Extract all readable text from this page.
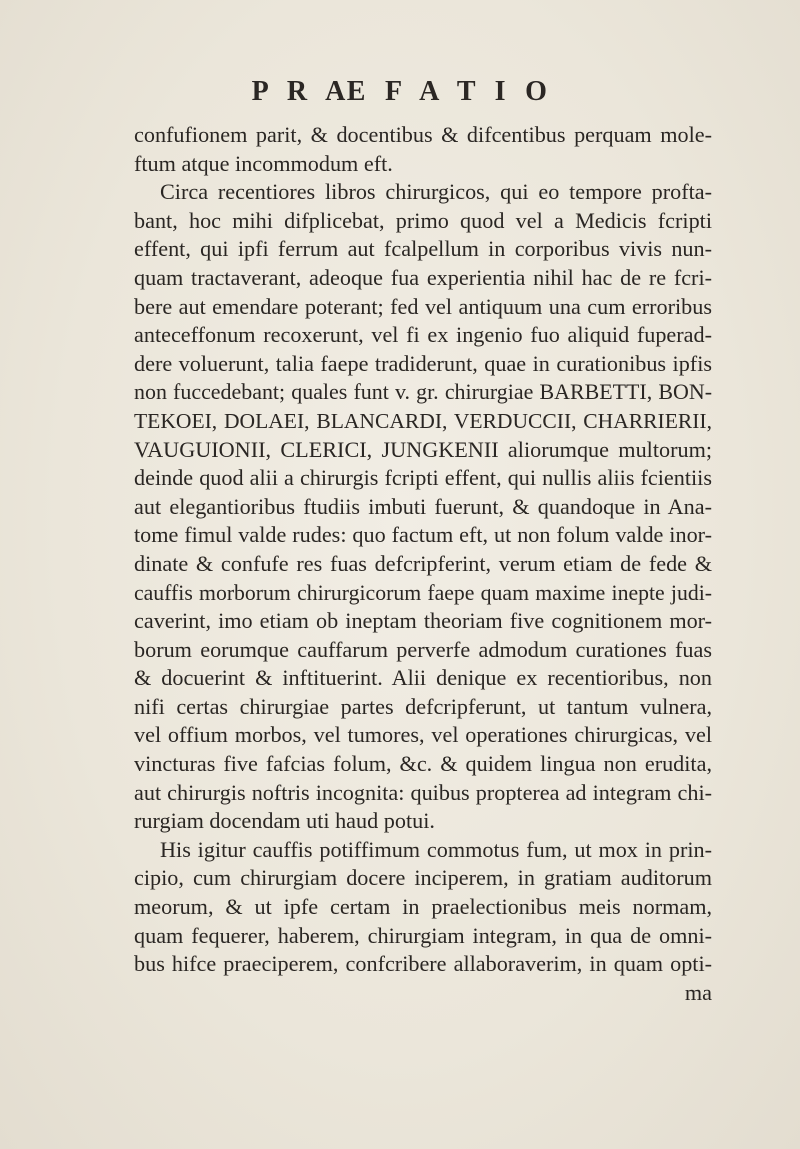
P R AE F A T I O
confufionem parit, & docentibus & difcentibus perquam mole-
ftum atque incommodum eft.
Circa recentiores libros chirurgicos, qui eo tempore profta-
bant, hoc mihi difplicebat, primo quod vel a Medicis fcripti
effent, qui ipfi ferrum aut fcalpellum in corporibus vivis nun-
quam tractaverant, adeoque fua experientia nihil hac de re fcri-
bere aut emendare poterant; fed vel antiquum una cum erroribus
anteceffonum recoxerunt, vel fi ex ingenio fuo aliquid fuperad-
dere voluerunt, talia faepe tradiderunt, quae in curationibus ipfis
non fuccedebant; quales funt v. gr. chirurgiae BARBETTI, BON-
TEKOEI, DOLAEI, BLANCARDI, VERDUCCII, CHARRIERII,
VAUGUIONII, CLERICI, JUNGKENII aliorumque multorum;
deinde quod alii a chirurgis fcripti effent, qui nullis aliis fcientiis
aut elegantioribus ftudiis imbuti fuerunt, & quandoque in Ana-
tome fimul valde rudes: quo factum eft, ut non folum valde inor-
dinate & confufe res fuas defcripferint, verum etiam de fede &
cauffis morborum chirurgicorum faepe quam maxime inepte judi-
caverint, imo etiam ob ineptam theoriam five cognitionem mor-
borum eorumque cauffarum perverfe admodum curationes fuas
& docuerint & inftituerint. Alii denique ex recentioribus, non
nifi certas chirurgiae partes defcripferunt, ut tantum vulnera,
vel offium morbos, vel tumores, vel operationes chirurgicas, vel
vincturas five fafcias folum, &c. & quidem lingua non erudita,
aut chirurgis noftris incognita: quibus propterea ad integram chi-
rurgiam docendam uti haud potui.
His igitur cauffis potiffimum commotus fum, ut mox in prin-
cipio, cum chirurgiam docere inciperem, in gratiam auditorum
meorum, & ut ipfe certam in praelectionibus meis normam,
quam fequerer, haberem, chirurgiam integram, in qua de omni-
bus hifce praeciperem, confcribere allaboraverim, in quam opti-
ma
